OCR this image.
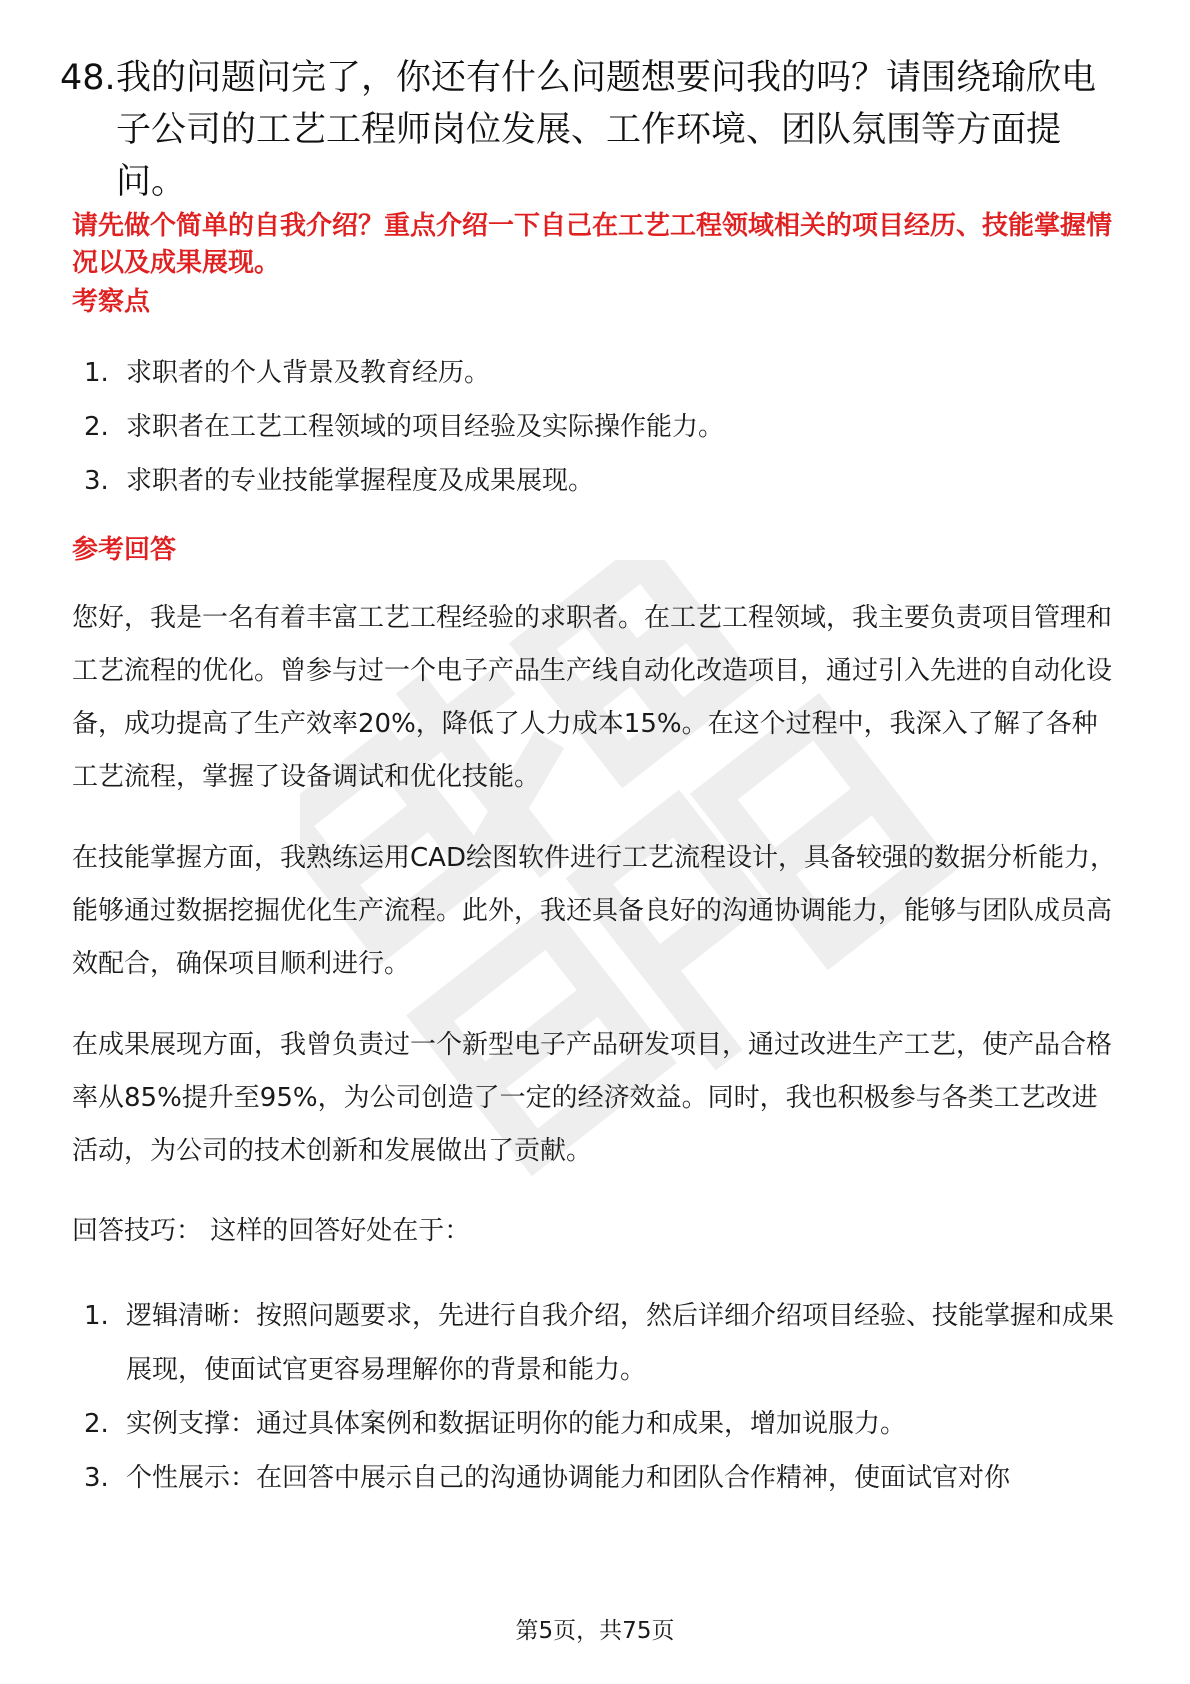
48. 我的问题问完了，你还有什么问题想要问我的吗？请围绕瑜欣电子公司的工艺工程师岗位发展、工作环境、团队氛围等方面提问。
请先做个简单的自我介绍？重点介绍一下自己在工艺工程领域相关的项目经历、技能掌握情况以及成果展现。
考察点
1. 求职者的个人背景及教育经历。
2. 求职者在工艺工程领域的项目经验及实际操作能力。
3. 求职者的专业技能掌握程度及成果展现。
参考回答

您好，我是一名有着丰富工艺工程经验的求职者。在工艺工程领域，我主要负责项目管理和工艺流程的优化。曾参与过一个电子产品生产线自动化改造项目，通过引入先进的自动化设备，成功提高了生产效率20%，降低了人力成本15%。在这个过程中，我深入了解了各种工艺流程，掌握了设备调试和优化技能。

在技能掌握方面，我熟练运用CAD绘图软件进行工艺流程设计，具备较强的数据分析能力，能够通过数据挖掘优化生产流程。此外，我还具备良好的沟通协调能力，能够与团队成员高效配合，确保项目顺利进行。

在成果展现方面，我曾负责过一个新型电子产品研发项目，通过改进生产工艺，使产品合格率从85%提升至95%，为公司创造了一定的经济效益。同时，我也积极参与各类工艺改进活动，为公司的技术创新和发展做出了贡献。

回答技巧： 这样的回答好处在于：

1. 逻辑清晰：按照问题要求，先进行自我介绍，然后详细介绍项目经验、技能掌握和成果展现，使面试官更容易理解你的背景和能力。
2. 实例支撑：通过具体案例和数据证明你的能力和成果，增加说服力。
3. 个性展示：在回答中展示自己的沟通协调能力和团队合作精神，使面试官对你
第5页，共75页
